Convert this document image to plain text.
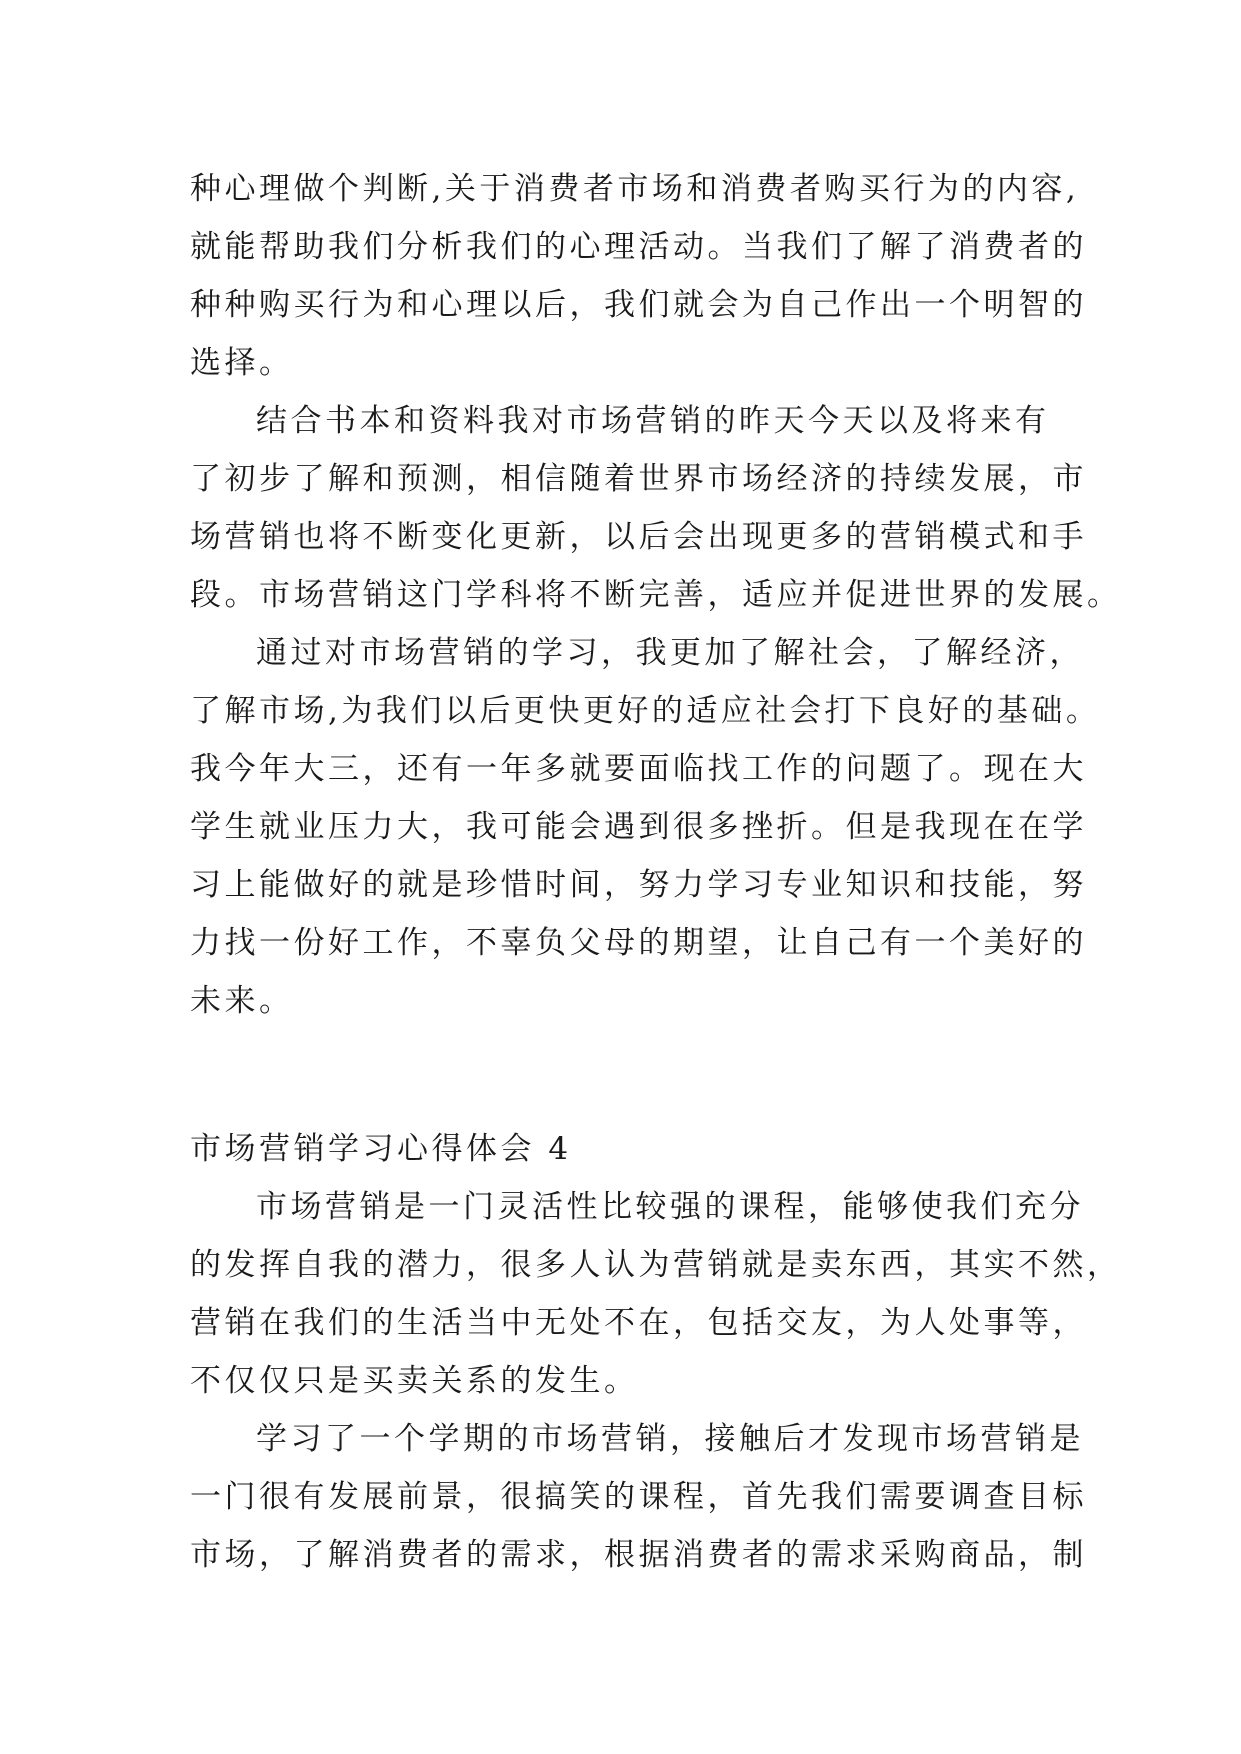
种心理做个判断,关于消费者市场和消费者购买行为的内容,
就能帮助我们分析我们的心理活动。当我们了解了消费者的
种种购买行为和心理以后，我们就会为自己作出一个明智的
选择。
结合书本和资料我对市场营销的昨天今天以及将来有
了初步了解和预测，相信随着世界市场经济的持续发展，市
场营销也将不断变化更新，以后会出现更多的营销模式和手
段。市场营销这门学科将不断完善，适应并促进世界的发展。
通过对市场营销的学习，我更加了解社会，了解经济，
了解市场,为我们以后更快更好的适应社会打下良好的基础。
我今年大三，还有一年多就要面临找工作的问题了。现在大
学生就业压力大，我可能会遇到很多挫折。但是我现在在学
习上能做好的就是珍惜时间，努力学习专业知识和技能，努
力找一份好工作，不辜负父母的期望，让自己有一个美好的
未来。
市场营销学习心得体会 4
市场营销是一门灵活性比较强的课程，能够使我们充分
的发挥自我的潜力，很多人认为营销就是卖东西，其实不然，
营销在我们的生活当中无处不在，包括交友，为人处事等，
不仅仅只是买卖关系的发生。
学习了一个学期的市场营销，接触后才发现市场营销是
一门很有发展前景，很搞笑的课程，首先我们需要调查目标
市场，了解消费者的需求，根据消费者的需求采购商品，制
